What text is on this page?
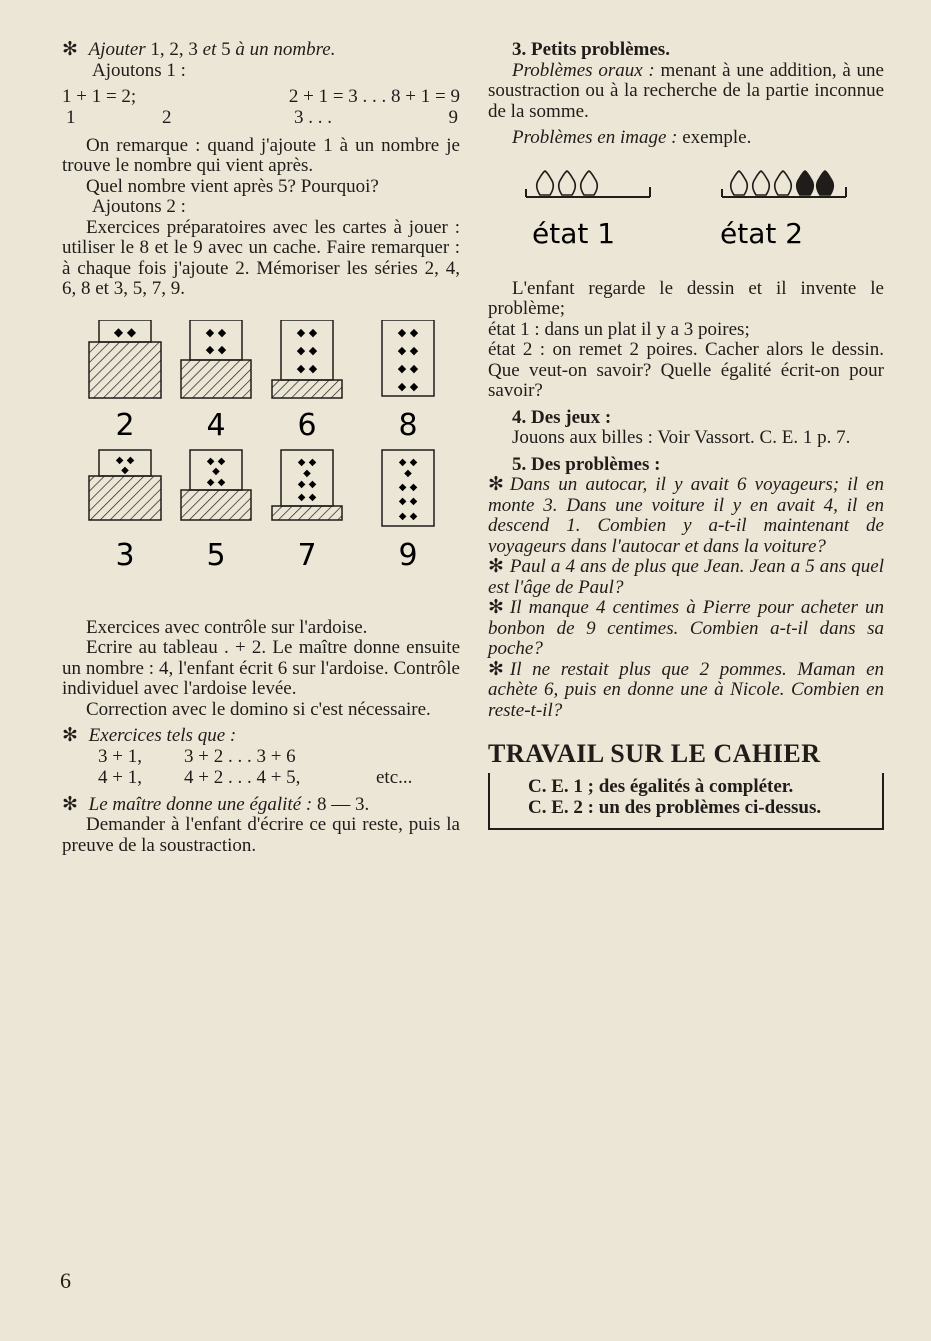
✻ Ajouter 1, 2, 3 et 5 à un nombre.

Ajoutons 1 :

1 + 1 = 2;	2 + 1 = 3 . . . 8 + 1 = 9
1	2	3 . . .	9

On remarque : quand j'ajoute 1 à un nombre je trouve le nombre qui vient après.

Quel nombre vient après 5? Pourquoi?

Ajoutons 2 :

Exercices préparatoires avec les cartes à jouer : utiliser le 8 et le 9 avec un cache. Faire remarquer : à chaque fois j'ajoute 2. Mémoriser les séries 2, 4, 6, 8 et 3, 5, 7, 9.

◆ ◆	◆ ◆
◆ ◆
◆ ◆
◆ ◆
◆ ◆
◆ ◆
◆ ◆
◆ ◆
◆ ◆
2 4 6	8
◆ ◆
◆
◆ ◆
◆
◆ ◆
◆ ◆
◆
◆ ◆
◆ ◆
◆ ◆
◆
◆ ◆
◆ ◆
◆ ◆
3 5 7	9

Exercices avec contrôle sur l'ardoise.

Ecrire au tableau . + 2. Le maître donne ensuite un nombre : 4, l'enfant écrit 6 sur l'ardoise. Contrôle individuel avec l'ardoise levée.

Correction avec le domino si c'est nécessaire.

✻ Exercices tels que :

3 + 1, 3 + 2 . . . 3 + 6
4 + 1, 4 + 2 . . . 4 + 5,	etc...

✻ Le maître donne une égalité : 8 — 3.

Demander à l'enfant d'écrire ce qui reste, puis la preuve de la soustraction.

3. Petits problèmes.

Problèmes oraux : menant à une addition, à une soustraction ou à la recherche de la partie inconnue de la somme.

Problèmes en image : exemple.

état 1	état 2

L'enfant regarde le dessin et il invente le problème;

état 1 : dans un plat il y a 3 poires;

état 2 : on remet 2 poires. Cacher alors le dessin. Que veut-on savoir? Quelle égalité écrit-on pour savoir?

4. Des jeux :

Jouons aux billes : Voir Vassort. C. E. 1 p. 7.

5. Des problèmes :

✻ Dans un autocar, il y avait 6 voyageurs; il en monte 3. Dans une voiture il y en avait 4, il en descend 1. Combien y a-t-il maintenant de voyageurs dans l'autocar et dans la voiture?

✻ Paul a 4 ans de plus que Jean. Jean a 5 ans quel est l'âge de Paul?

✻ Il manque 4 centimes à Pierre pour acheter un bonbon de 9 centimes. Combien a-t-il dans sa poche?

✻ Il ne restait plus que 2 pommes. Maman en achète 6, puis en donne une à Nicole. Combien en reste-t-il?

TRAVAIL SUR LE CAHIER

C. E. 1 ; des égalités à compléter.

C. E. 2 : un des problèmes ci-dessus.

6
